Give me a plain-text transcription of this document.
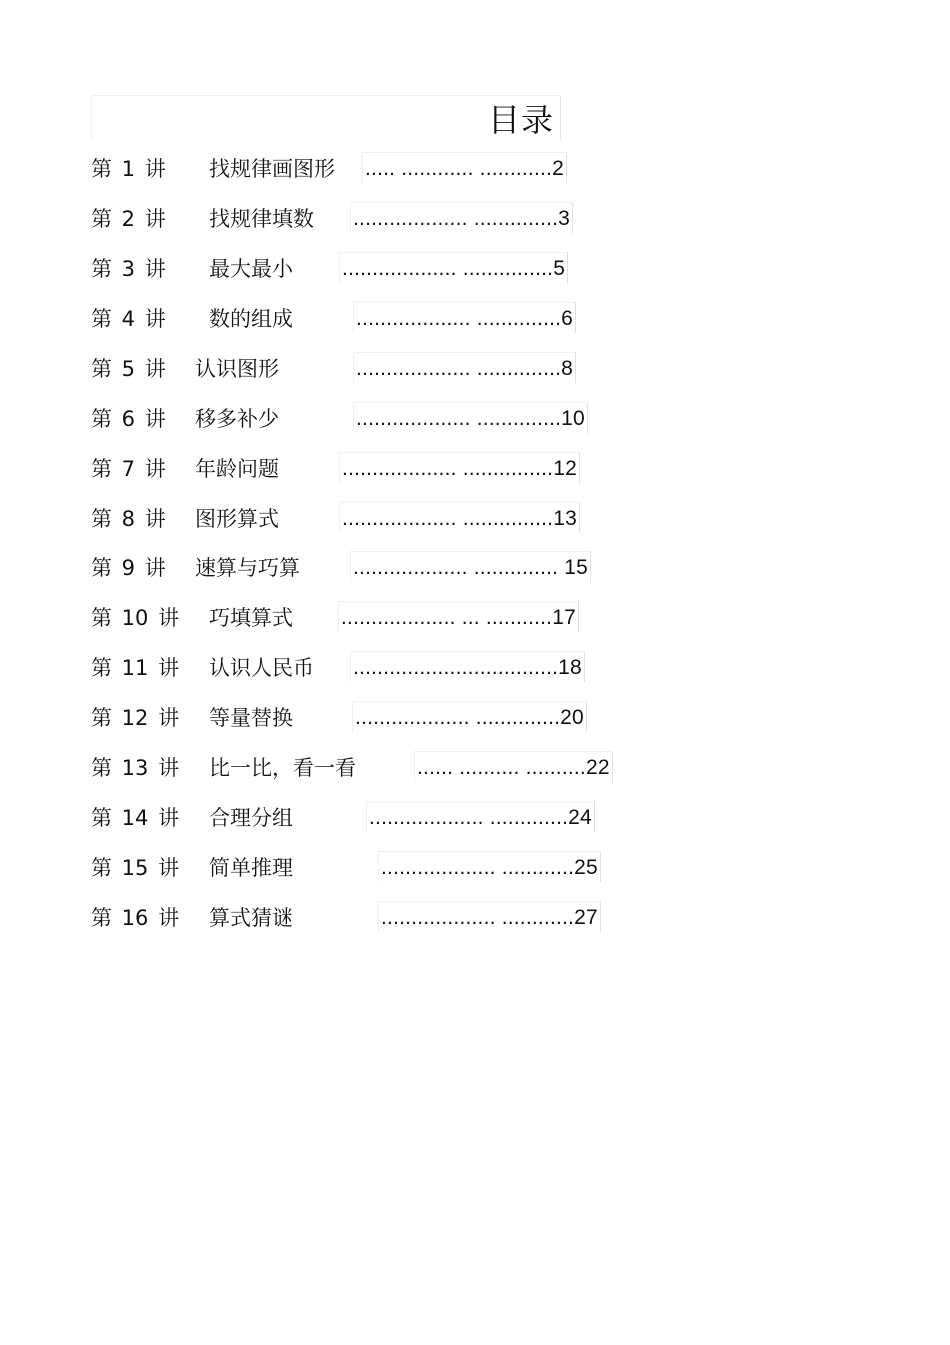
目录
第 1 讲 找规律画图形 ..... ............ ............2
第 2 讲 找规律填数 ................... ..............3
第 3 讲 最大最小 ................... ...............5
第 4 讲 数的组成	................... ..............6
第 5 讲 认识图形	................... ..............8
第 6 讲 移多补少	................... ..............10
第 7 讲 年龄问题	................... ...............12
第 8 讲 图形算式	................... ...............13
第 9 讲 速算与巧算	................... .............. 15
第 10 讲 巧填算式 ................... ... ...........17
第 11 讲 认识人民币 ..................................18
第 12 讲 等量替换	................... ..............20
第 13 讲 比一比，看一看	...... .......... ..........22
第 14 讲 合理分组	................... .............24
第 15 讲 简单推理	................... ............25
第 16 讲 算式猜谜	................... ............27
